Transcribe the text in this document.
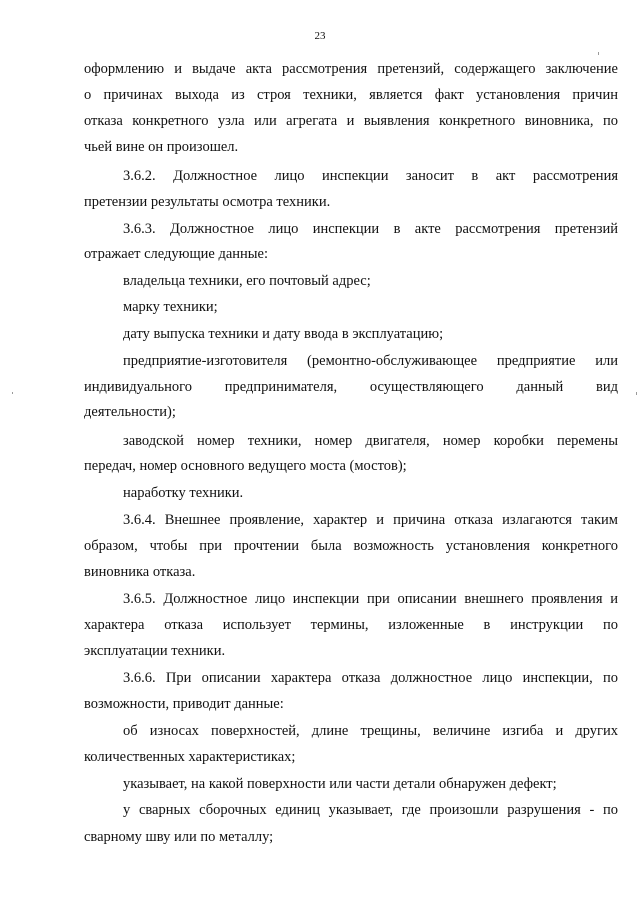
23
оформлению и выдаче акта рассмотрения претензий, содержащего заключение
о причинах выхода из строя техники, является факт установления причин
отказа конкретного узла или агрегата и выявления конкретного виновника, по
чьей вине он произошел.
3.6.2. Должностное лицо инспекции заносит в акт рассмотрения
претензии результаты осмотра техники.
3.6.3. Должностное лицо инспекции в акте рассмотрения претензий
отражает следующие данные:
владельца техники, его почтовый адрес;
марку техники;
дату выпуска техники и дату ввода в эксплуатацию;
предприятие-изготовителя (ремонтно-обслуживающее предприятие или
индивидуального предпринимателя, осуществляющего данный вид
деятельности);
заводской номер техники, номер двигателя, номер коробки перемены
передач, номер основного ведущего моста (мостов);
наработку техники.
3.6.4. Внешнее проявление, характер и причина отказа излагаются таким
образом, чтобы при прочтении была возможность установления конкретного
виновника отказа.
3.6.5. Должностное лицо инспекции при описании внешнего проявления и
характера отказа использует термины, изложенные в инструкции по
эксплуатации техники.
3.6.6. При описании характера отказа должностное лицо инспекции, по
возможности, приводит данные:
об износах поверхностей, длине трещины, величине изгиба и других
количественных характеристиках;
указывает, на какой поверхности или части детали обнаружен дефект;
у сварных сборочных единиц указывает, где произошли разрушения - по
сварному шву или по металлу;
